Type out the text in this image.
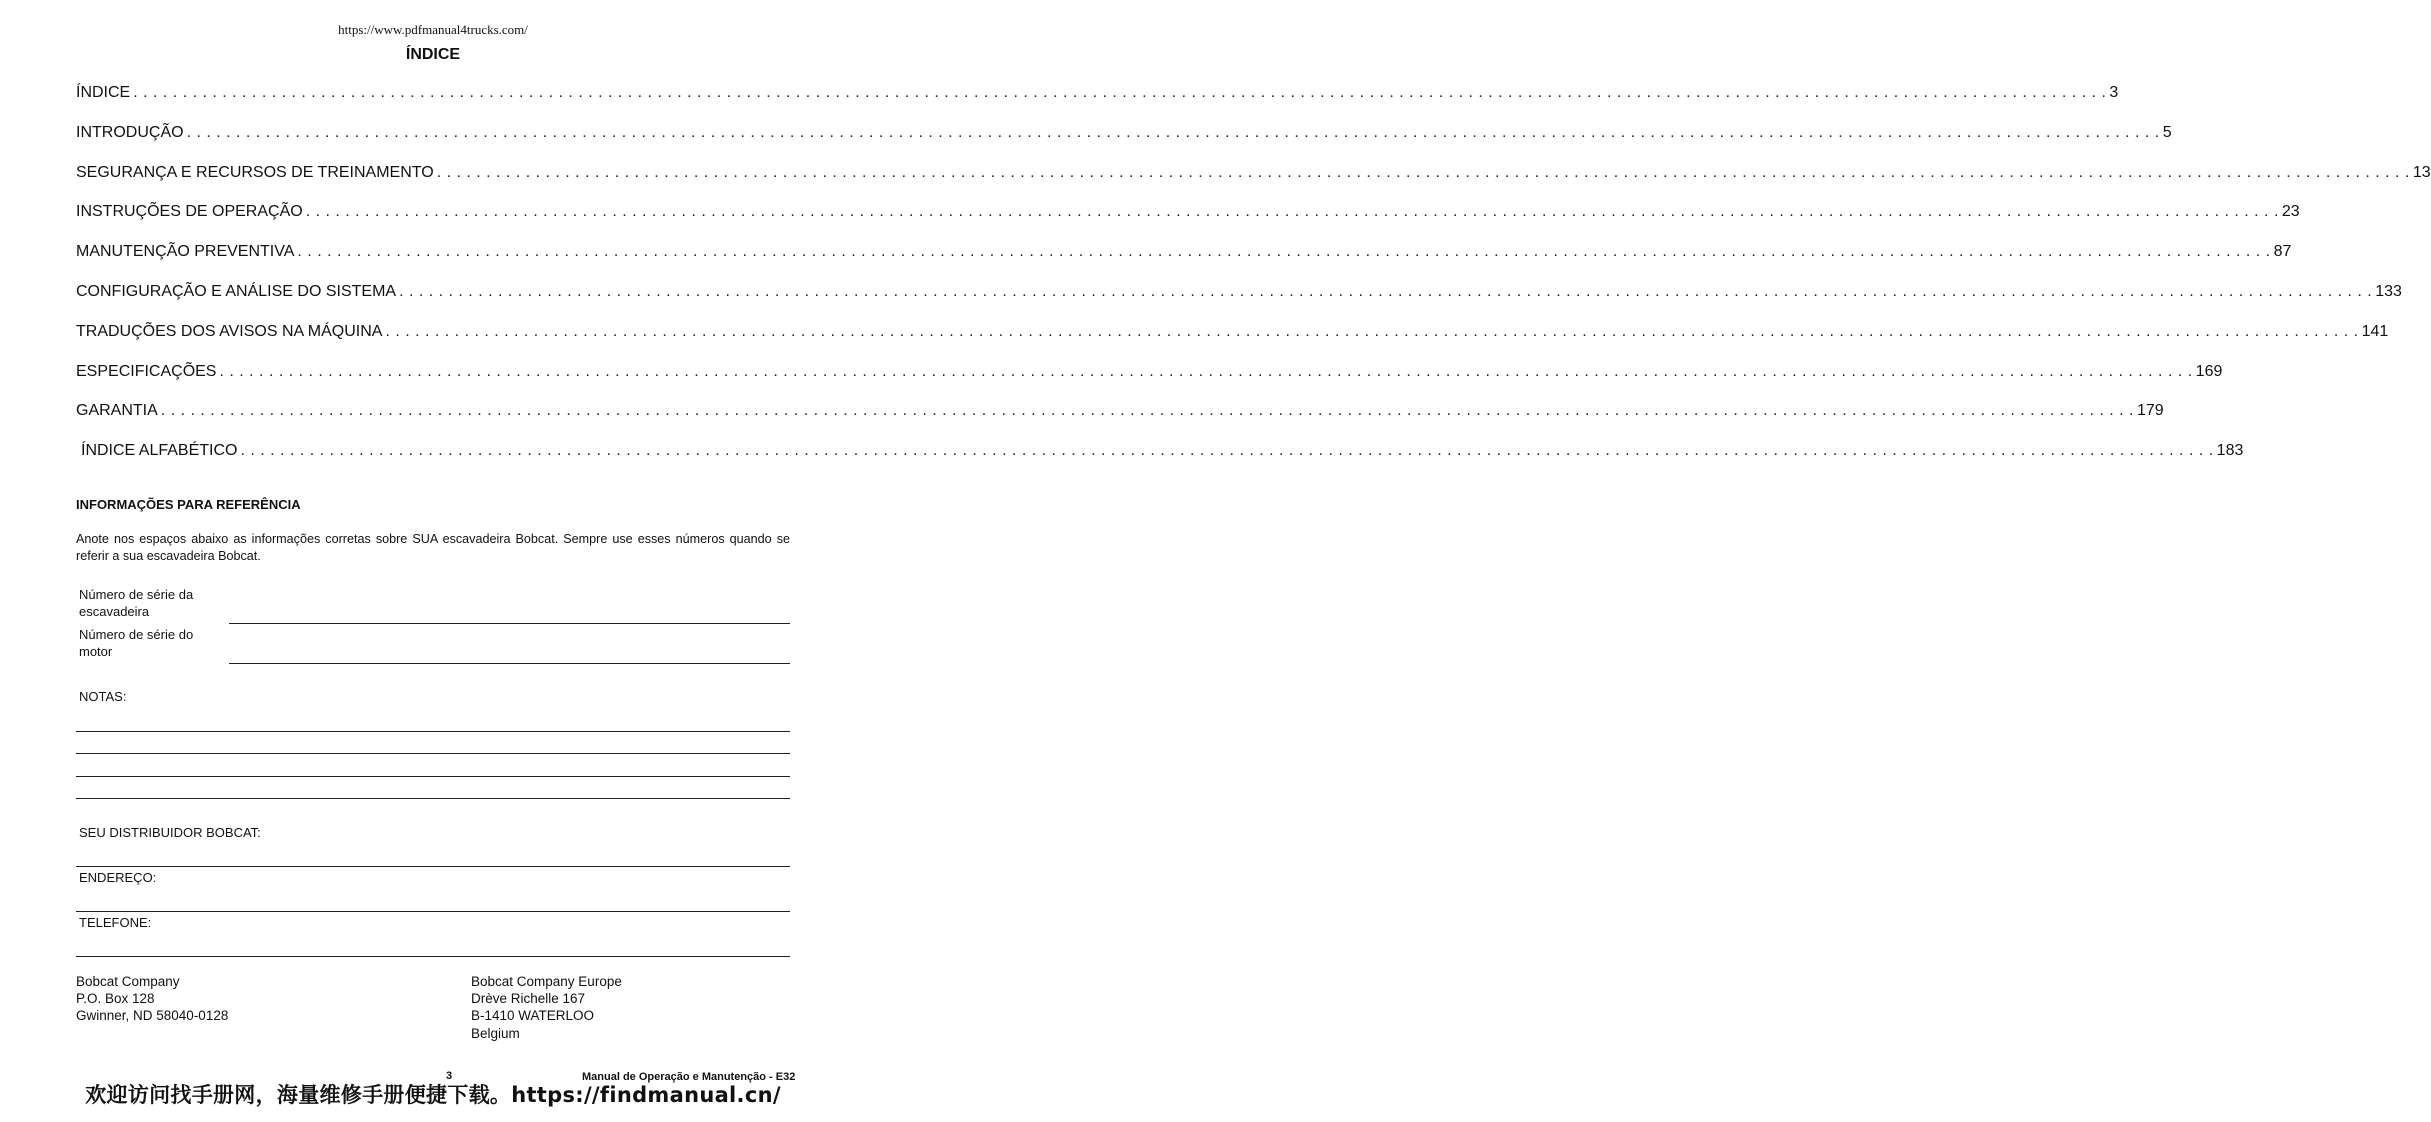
https://www.pdfmanual4trucks.com/
ÍNDICE
ÍNDICE . . . . . . . . . . . . . . . . . . . . . . . . . . . . . . . . . . . . . . . . . . . . . . . . . . . . . . . . . . . . . . . . . . . . . . . . . . . . . . . . . . . . . . . . . . . . . . . . . . . . . . . . . . . . . . . . . . . . . . . . . . . . . . . . . . . . . . . . . . . . . . . . . . . . . . . . . . . . . . . . . . . . . . . . . . . . . . . . . . . . . . . . . . . . . . . . . . . . . . . . 3
INTRODUÇÃO . . . . . . . . . . . . . . . . . . . . . . . . . . . . . . . . . . . . . . . . . . . . . . . . . . . . . . . . . . . . . . . . . . . . . . . . . . . . . . . . . . . . . . . . . . . . . . . . . . . . . . . . . . . . . . . . . . . . . . . . . . . . . . . . . . . . . . . . . . . . . . . . . . . . . . . . . . . . . . . . . . . . . . . . . . . . . . . . . . . . . . . . . . . . . . . . . . . . . . . . 5
SEGURANÇA E RECURSOS DE TREINAMENTO . . . . . . . . . . . . . . . . . . . . . . . . . . . . . . . . . . . . . . . . . . . . . . . . . . . . . . . . . . . . . . . . . . . . . . . . . . . . . . . . . . . . . . . . . . . . . . . . . . . . . . . . . . . . . . . . . . . . . . . . . . . . . . . . . . . . . . . . . . . . . . . . . . . . . . . . . . . . . . . . . . . . . . . . . . . . . . . . . . . . . . . . . . . . . . . . . . . . . . . . 13
INSTRUÇÕES DE OPERAÇÃO . . . . . . . . . . . . . . . . . . . . . . . . . . . . . . . . . . . . . . . . . . . . . . . . . . . . . . . . . . . . . . . . . . . . . . . . . . . . . . . . . . . . . . . . . . . . . . . . . . . . . . . . . . . . . . . . . . . . . . . . . . . . . . . . . . . . . . . . . . . . . . . . . . . . . . . . . . . . . . . . . . . . . . . . . . . . . . . . . . . . . . . . . . . . . . . . . . . . . . . . 23
MANUTENÇÃO PREVENTIVA . . . . . . . . . . . . . . . . . . . . . . . . . . . . . . . . . . . . . . . . . . . . . . . . . . . . . . . . . . . . . . . . . . . . . . . . . . . . . . . . . . . . . . . . . . . . . . . . . . . . . . . . . . . . . . . . . . . . . . . . . . . . . . . . . . . . . . . . . . . . . . . . . . . . . . . . . . . . . . . . . . . . . . . . . . . . . . . . . . . . . . . . . . . . . . . . . . . . . . . . 87
CONFIGURAÇÃO E ANÁLISE DO SISTEMA . . . . . . . . . . . . . . . . . . . . . . . . . . . . . . . . . . . . . . . . . . . . . . . . . . . . . . . . . . . . . . . . . . . . . . . . . . . . . . . . . . . . . . . . . . . . . . . . . . . . . . . . . . . . . . . . . . . . . . . . . . . . . . . . . . . . . . . . . . . . . . . . . . . . . . . . . . . . . . . . . . . . . . . . . . . . . . . . . . . . . . . . . . . . . . . . . . . . . . . . 133
TRADUÇÕES DOS AVISOS NA MÁQUINA . . . . . . . . . . . . . . . . . . . . . . . . . . . . . . . . . . . . . . . . . . . . . . . . . . . . . . . . . . . . . . . . . . . . . . . . . . . . . . . . . . . . . . . . . . . . . . . . . . . . . . . . . . . . . . . . . . . . . . . . . . . . . . . . . . . . . . . . . . . . . . . . . . . . . . . . . . . . . . . . . . . . . . . . . . . . . . . . . . . . . . . . . . . . . . . . . . . . . . . . 141
ESPECIFICAÇÕES . . . . . . . . . . . . . . . . . . . . . . . . . . . . . . . . . . . . . . . . . . . . . . . . . . . . . . . . . . . . . . . . . . . . . . . . . . . . . . . . . . . . . . . . . . . . . . . . . . . . . . . . . . . . . . . . . . . . . . . . . . . . . . . . . . . . . . . . . . . . . . . . . . . . . . . . . . . . . . . . . . . . . . . . . . . . . . . . . . . . . . . . . . . . . . . . . . . . . . . . 169
GARANTIA . . . . . . . . . . . . . . . . . . . . . . . . . . . . . . . . . . . . . . . . . . . . . . . . . . . . . . . . . . . . . . . . . . . . . . . . . . . . . . . . . . . . . . . . . . . . . . . . . . . . . . . . . . . . . . . . . . . . . . . . . . . . . . . . . . . . . . . . . . . . . . . . . . . . . . . . . . . . . . . . . . . . . . . . . . . . . . . . . . . . . . . . . . . . . . . . . . . . . . . . 179
ÍNDICE ALFABÉTICO . . . . . . . . . . . . . . . . . . . . . . . . . . . . . . . . . . . . . . . . . . . . . . . . . . . . . . . . . . . . . . . . . . . . . . . . . . . . . . . . . . . . . . . . . . . . . . . . . . . . . . . . . . . . . . . . . . . . . . . . . . . . . . . . . . . . . . . . . . . . . . . . . . . . . . . . . . . . . . . . . . . . . . . . . . . . . . . . . . . . . . . . . . . . . . . . . . . . . . . . 183
INFORMAÇÕES PARA REFERÊNCIA
Anote nos espaços abaixo as informações corretas sobre SUA escavadeira Bobcat. Sempre use esses números quando se referir a sua escavadeira Bobcat.
Número de série da
escavadeira
Número de série do
motor
NOTAS:
SEU DISTRIBUIDOR BOBCAT:
ENDEREÇO:
TELEFONE:
Bobcat Company
P.O. Box 128
Gwinner, ND 58040-0128
Bobcat Company Europe
Drève Richelle 167
B-1410 WATERLOO
Belgium
3	Manual de Operação e Manutenção - E32
欢迎访问找手册网，海量维修手册便捷下载。https://findmanual.cn/
